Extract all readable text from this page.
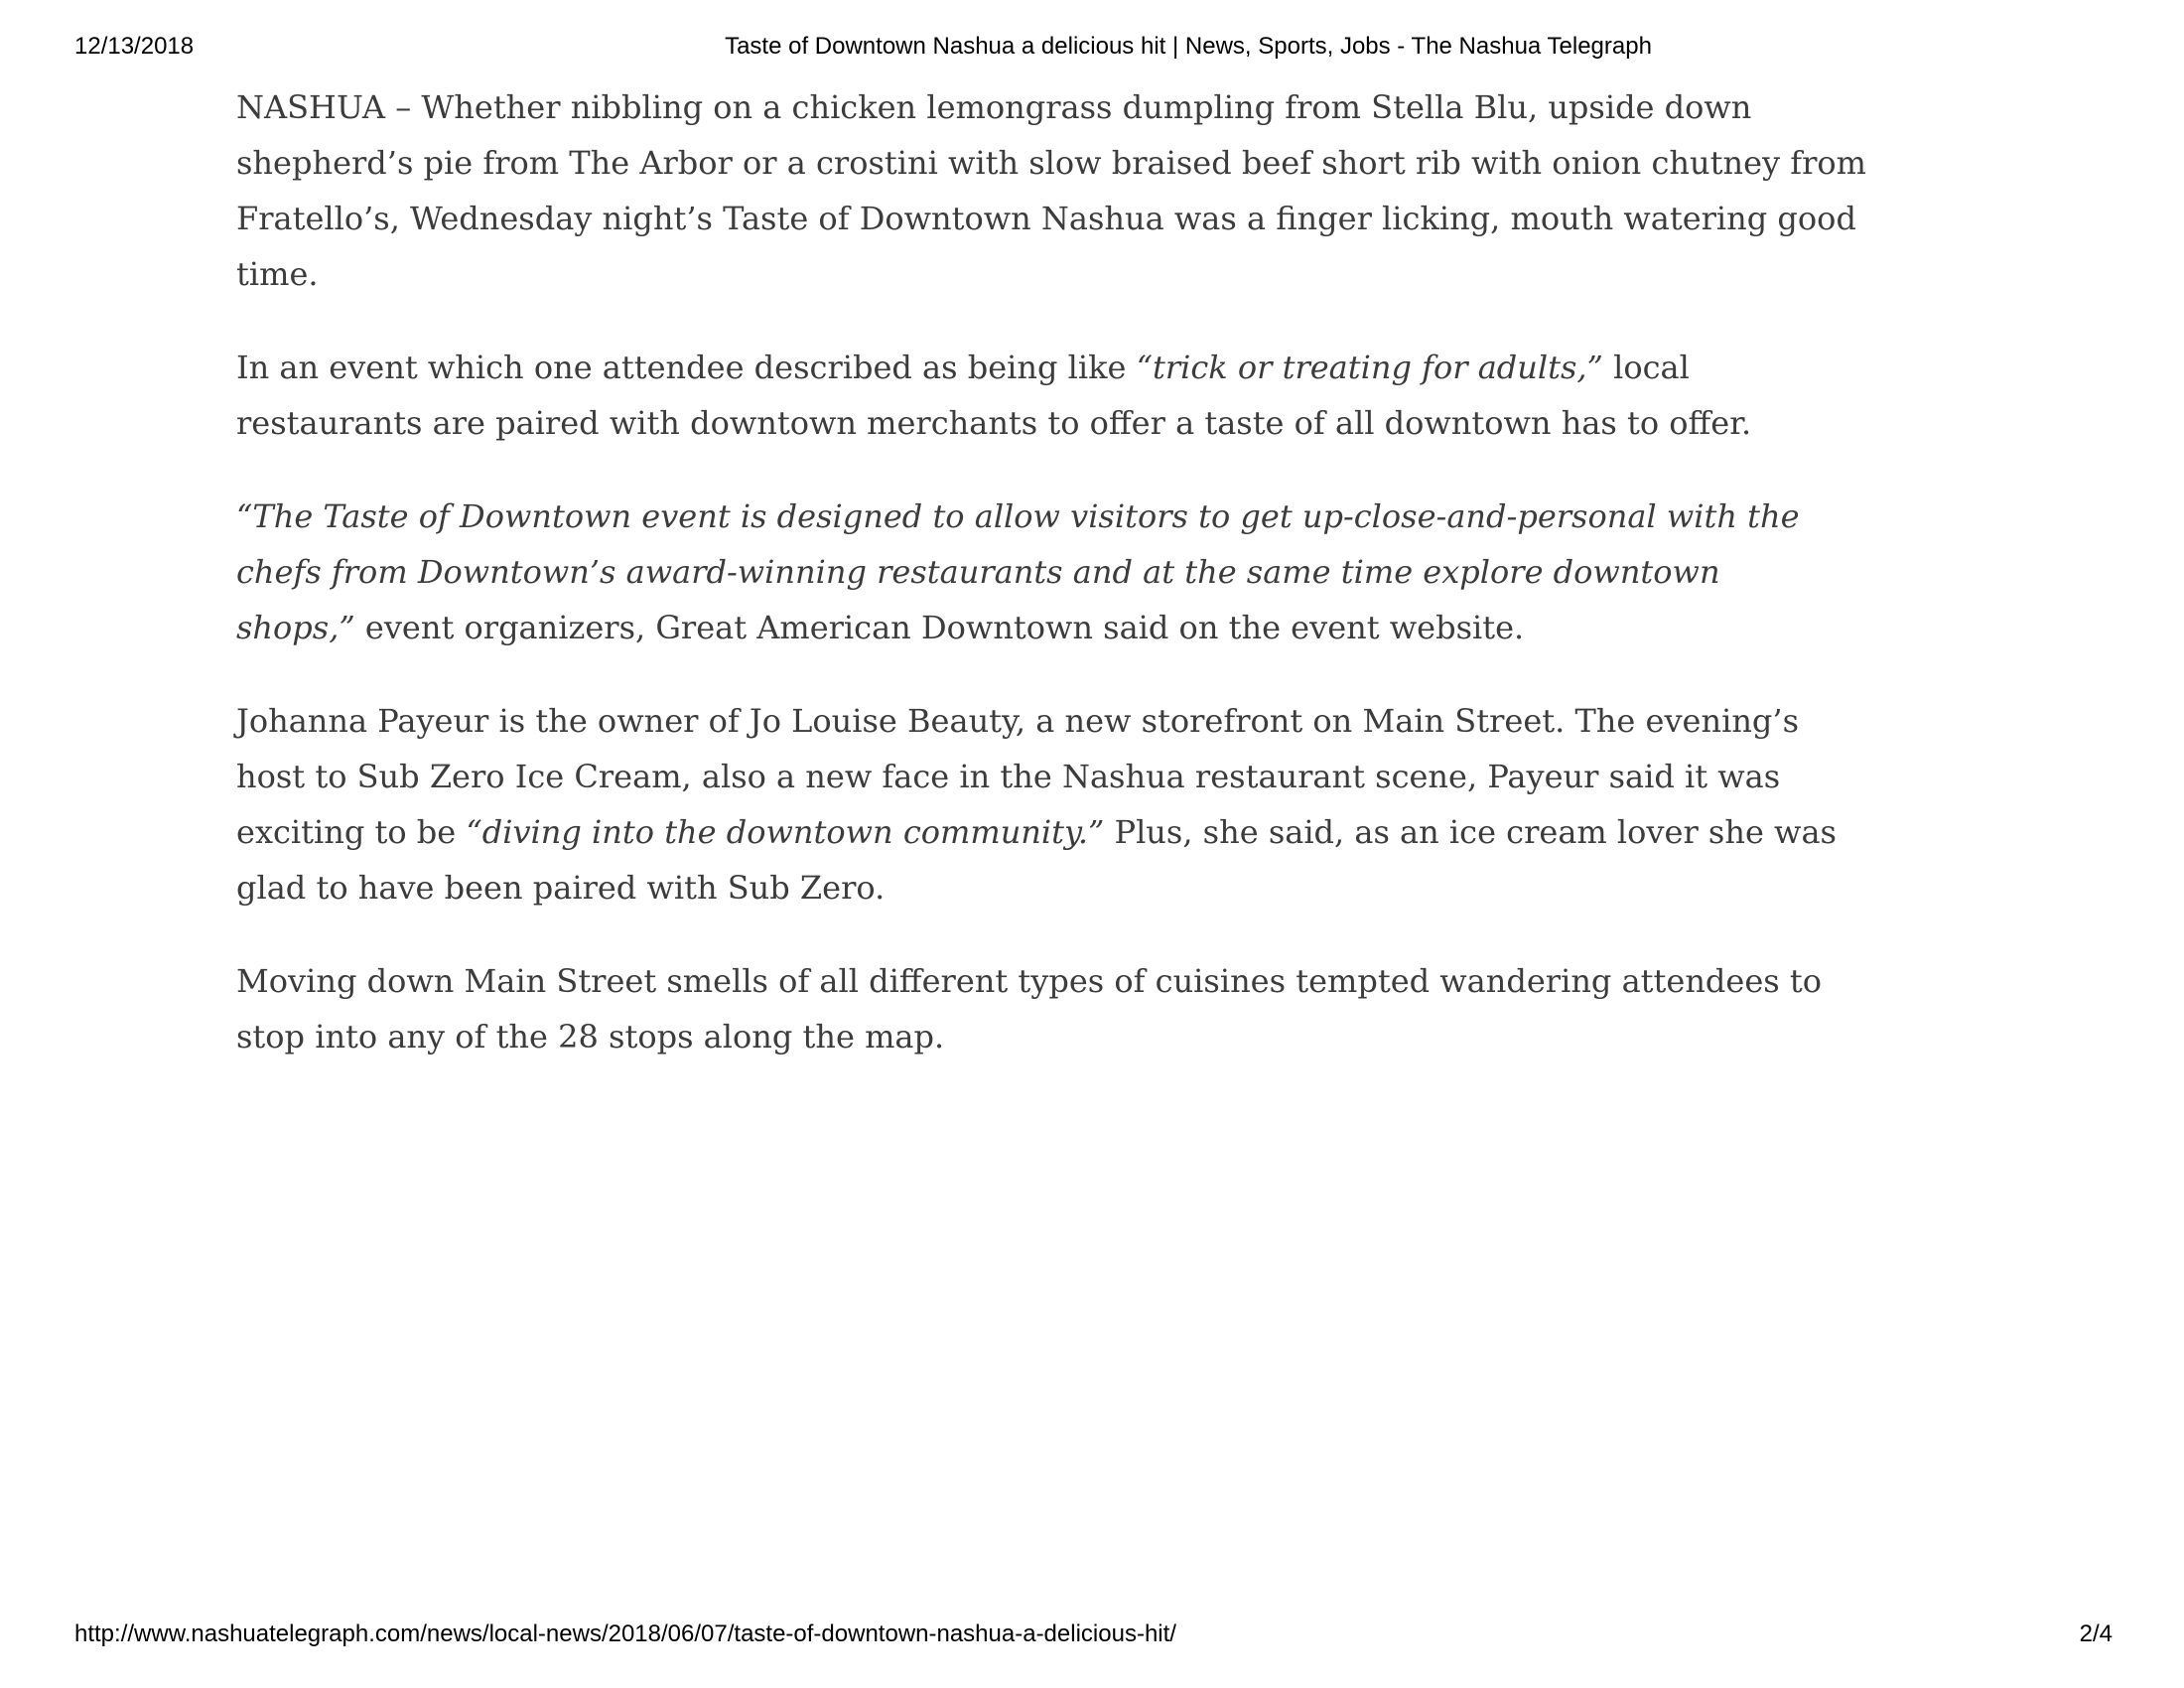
12/13/2018	Taste of Downtown Nashua a delicious hit | News, Sports, Jobs - The Nashua Telegraph

NASHUA – Whether nibbling on a chicken lemongrass dumpling from Stella Blu, upside down
shepherd’s pie from The Arbor or a crostini with slow braised beef short rib with onion chutney from
Fratello’s, Wednesday night’s Taste of Downtown Nashua was a finger licking, mouth watering good
time.

In an event which one attendee described as being like “trick or treating for adults,” local
restaurants are paired with downtown merchants to offer a taste of all downtown has to offer.

“The Taste of Downtown event is designed to allow visitors to get up-close-and-personal with the
chefs from Downtown’s award-winning restaurants and at the same time explore downtown
shops,” event organizers, Great American Downtown said on the event website.

Johanna Payeur is the owner of Jo Louise Beauty, a new storefront on Main Street. The evening’s
host to Sub Zero Ice Cream, also a new face in the Nashua restaurant scene, Payeur said it was
exciting to be “diving into the downtown community.” Plus, she said, as an ice cream lover she was
glad to have been paired with Sub Zero.

Moving down Main Street smells of all different types of cuisines tempted wandering attendees to
stop into any of the 28 stops along the map.

http://www.nashuatelegraph.com/news/local-news/2018/06/07/taste-of-downtown-nashua-a-delicious-hit/	2/4
